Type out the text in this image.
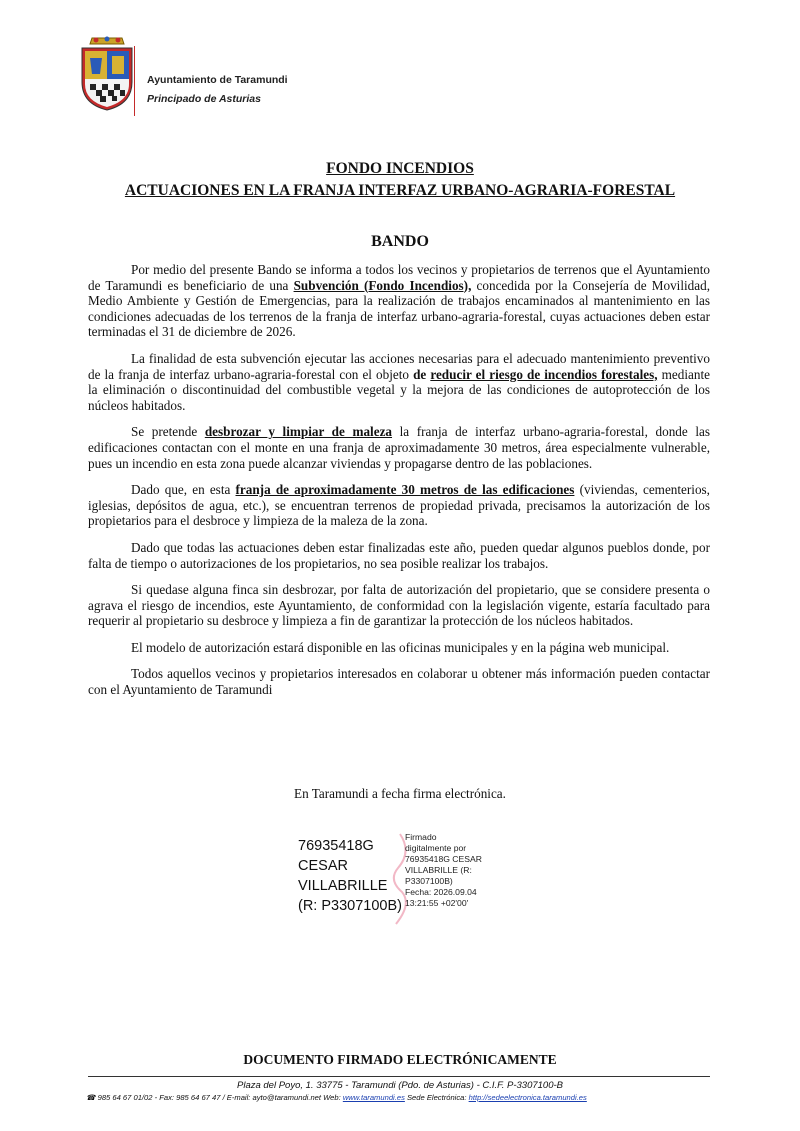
Ayuntamiento de Taramundi
Principado de Asturias
FONDO INCENDIOS
ACTUACIONES EN LA FRANJA INTERFAZ URBANO-AGRARIA-FORESTAL
BANDO

Por medio del presente Bando se informa a todos los vecinos y propietarios de terrenos que el Ayuntamiento de Taramundi es beneficiario de una Subvención (Fondo Incendios), concedida por la Consejería de Movilidad, Medio Ambiente y Gestión de Emergencias, para la realización de trabajos encaminados al mantenimiento en las condiciones adecuadas de los terrenos de la franja de interfaz urbano-agraria-forestal, cuyas actuaciones deben estar terminadas el 31 de diciembre de 2026.

La finalidad de esta subvención ejecutar las acciones necesarias para el adecuado mantenimiento preventivo de la franja de interfaz urbano-agraria-forestal con el objeto de reducir el riesgo de incendios forestales, mediante la eliminación o discontinuidad del combustible vegetal y la mejora de las condiciones de autoprotección de los núcleos habitados.

Se pretende desbrozar y limpiar de maleza la franja de interfaz urbano-agraria-forestal, donde las edificaciones contactan con el monte en una franja de aproximadamente 30 metros, área especialmente vulnerable, pues un incendio en esta zona puede alcanzar viviendas y propagarse dentro de las poblaciones.

Dado que, en esta franja de aproximadamente 30 metros de las edificaciones (viviendas, cementerios, iglesias, depósitos de agua, etc.), se encuentran terrenos de propiedad privada, precisamos la autorización de los propietarios para el desbroce y limpieza de la maleza de la zona.

Dado que todas las actuaciones deben estar finalizadas este año, pueden quedar algunos pueblos donde, por falta de tiempo o autorizaciones de los propietarios, no sea posible realizar los trabajos.

Si quedase alguna finca sin desbrozar, por falta de autorización del propietario, que se considere presenta o agrava el riesgo de incendios, este Ayuntamiento, de conformidad con la legislación vigente, estaría facultado para requerir al propietario su desbroce y limpieza a fin de garantizar la protección de los núcleos habitados.

El modelo de autorización estará disponible en las oficinas municipales y en la página web municipal.

Todos aquellos vecinos y propietarios interesados en colaborar u obtener más información pueden contactar con el Ayuntamiento de Taramundi

En Taramundi a fecha firma electrónica.
76935418G
CESAR
VILLABRILLE
(R: P3307100B)
Firmado
digitalmente por
76935418G CESAR
VILLABRILLE (R:
P3307100B)
Fecha: 2026.09.04
13:21:55 +02'00'
DOCUMENTO FIRMADO ELECTRÓNICAMENTE
Plaza del Poyo, 1. 33775 - Taramundi (Pdo. de Asturias) - C.I.F. P-3307100-B
☎ 985 64 67 01/02 - Fax: 985 64 67 47 / E-mail: ayto@taramundi.net Web: www.taramundi.es Sede Electrónica: http://sedeelectronica.taramundi.es
